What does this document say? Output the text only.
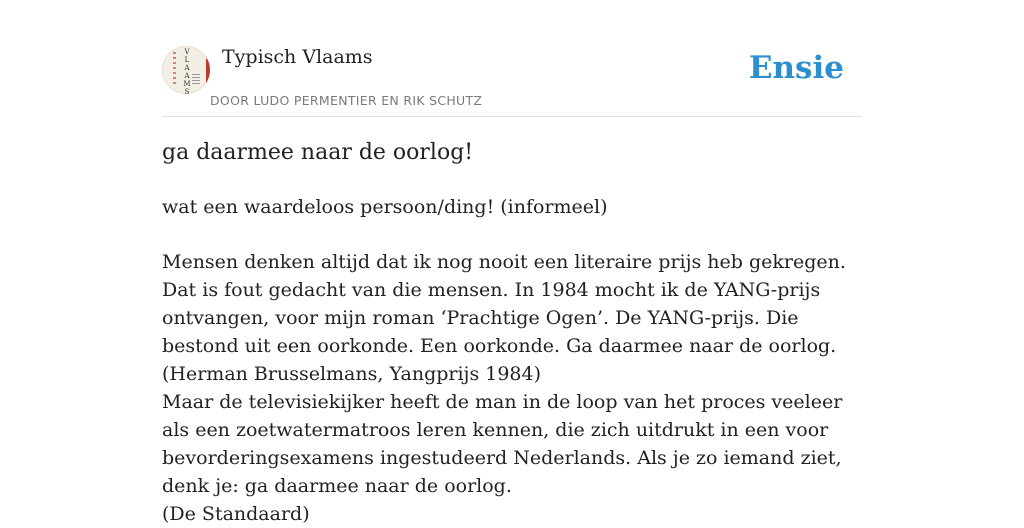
V
L
A
A
M
S
Typisch Vlaams
DOOR LUDO PERMENTIER EN RIK SCHUTZ
Ensie
ga daarmee naar de oorlog!

wat een waardeloos persoon/ding! (informeel)

Mensen denken altijd dat ik nog nooit een literaire prijs heb gekregen. Dat is fout gedacht van die mensen. In 1984 mocht ik de YANG-prijs ontvangen, voor mijn roman ‘Prachtige Ogen’. De YANG-prijs. Die bestond uit een oorkonde. Een oorkonde. Ga daarmee naar de oorlog.

(Herman Brusselmans, Yangprijs 1984)

Maar de televisiekijker heeft de man in de loop van het proces veeleer als een zoetwatermatroos leren kennen, die zich uitdrukt in een voor bevorderingsexamens ingestudeerd Nederlands. Als je zo iemand ziet, denk je: ga daarmee naar de oorlog.

(De Standaard)
